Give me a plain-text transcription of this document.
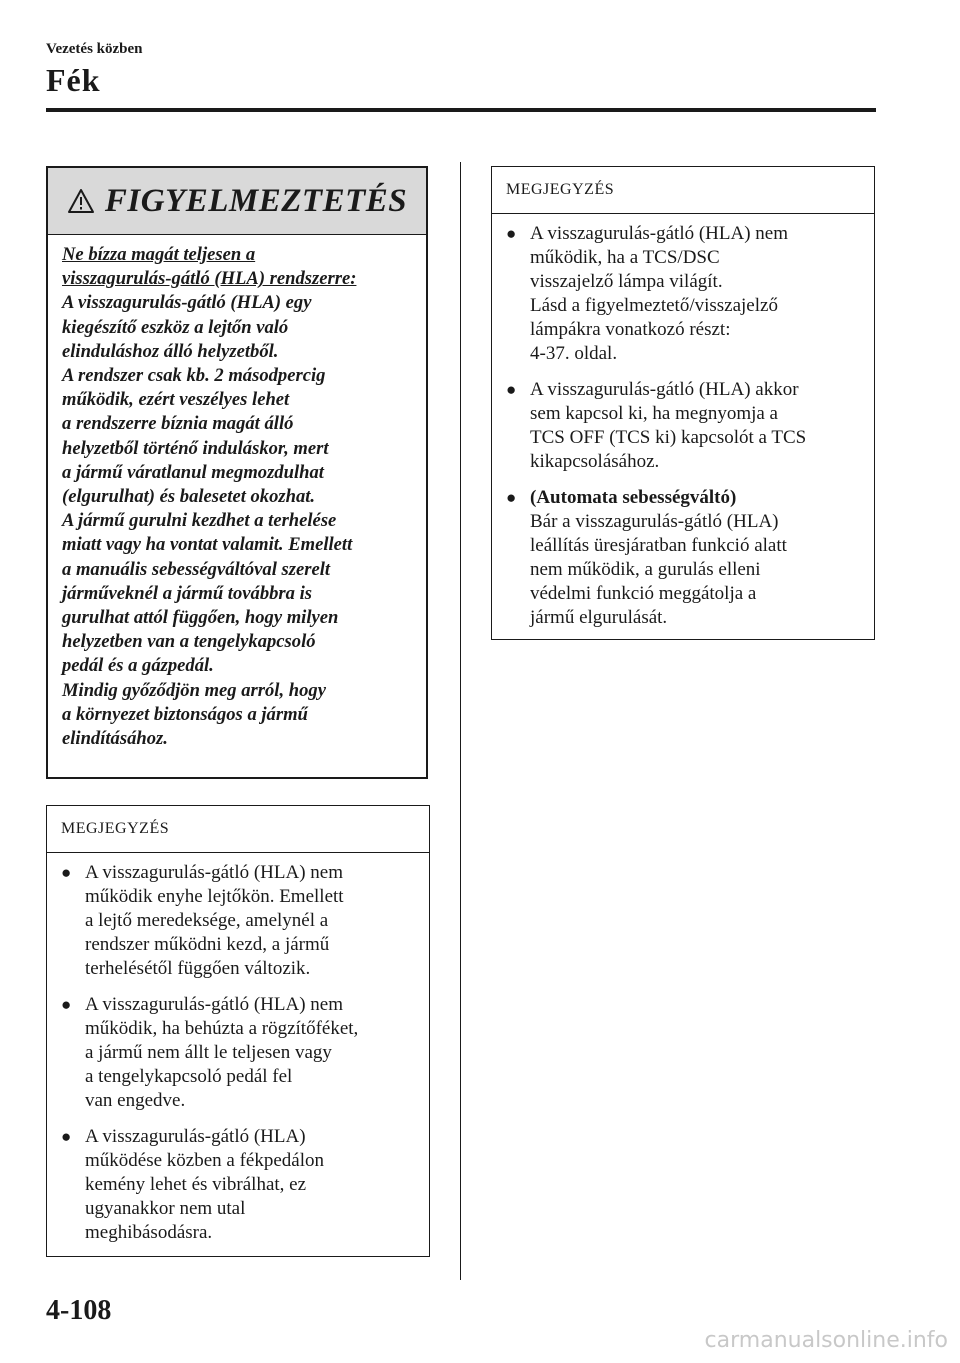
Vezetés közben
Fék
FIGYELMEZTETÉS
Ne bízza magát teljesen a
visszagurulás-gátló (HLA) rendszerre:
A visszagurulás-gátló (HLA) egy
kiegészítő eszköz a lejtőn való
elinduláshoz álló helyzetből.
A rendszer csak kb. 2 másodpercig
működik, ezért veszélyes lehet
a rendszerre bíznia magát álló
helyzetből történő induláskor, mert
a jármű váratlanul megmozdulhat
(elgurulhat) és balesetet okozhat.
A jármű gurulni kezdhet a terhelése
miatt vagy ha vontat valamit. Emellett
a manuális sebességváltóval szerelt
járműveknél a jármű továbbra is
gurulhat attól függően, hogy milyen
helyzetben van a tengelykapcsoló
pedál és a gázpedál.
Mindig győződjön meg arról, hogy
a környezet biztonságos a jármű
elindításához.
MEGJEGYZÉS
● A visszagurulás-gátló (HLA) nem
működik enyhe lejtőkön. Emellett
a lejtő meredeksége, amelynél a
rendszer működni kezd, a jármű
terhelésétől függően változik.
● A visszagurulás-gátló (HLA) nem
működik, ha behúzta a rögzítőféket,
a jármű nem állt le teljesen vagy
a tengelykapcsoló pedál fel
van engedve.
● A visszagurulás-gátló (HLA)
működése közben a fékpedálon
kemény lehet és vibrálhat, ez
ugyanakkor nem utal
meghibásodásra.
MEGJEGYZÉS
● A visszagurulás-gátló (HLA) nem
működik, ha a TCS/DSC
visszajelző lámpa világít.
Lásd a figyelmeztető/visszajelző
lámpákra vonatkozó részt:
4-37. oldal.
● A visszagurulás-gátló (HLA) akkor
sem kapcsol ki, ha megnyomja a
TCS OFF (TCS ki) kapcsolót a TCS
kikapcsolásához.
● (Automata sebességváltó)
Bár a visszagurulás-gátló (HLA)
leállítás üresjáratban funkció alatt
nem működik, a gurulás elleni
védelmi funkció meggátolja a
jármű elgurulását.
4-108
carmanualsonline.info
